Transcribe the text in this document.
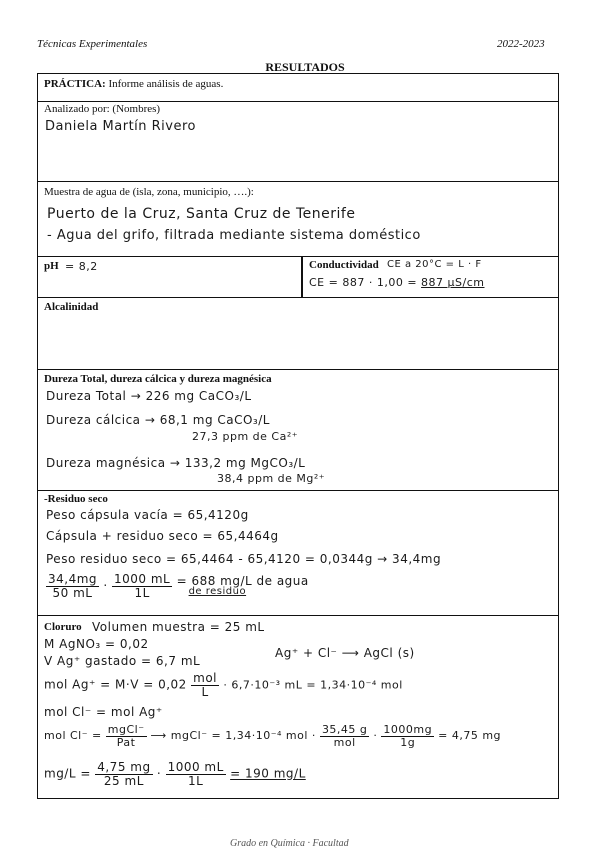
Técnicas Experimentales	2022-2023
RESULTADOS
PRÁCTICA: Informe análisis de aguas.
Analizado por: (Nombres)
Daniela Martín Rivero
Muestra de agua de (isla, zona, municipio, ….):
Puerto de la Cruz, Santa Cruz de Tenerife
- Agua del grifo, filtrada mediante sistema doméstico
pH = 8,2	Conductividad CE a 20°C = L · F
CE = 887 · 1,00 = 887 μS/cm
Alcalinidad
Dureza Total, dureza cálcica y dureza magnésica
Dureza Total → 226 mg CaCO₃/L
Dureza cálcica → 68,1 mg CaCO₃/L
27,3 ppm de Ca²⁺
Dureza magnésica → 133,2 mg MgCO₃/L
38,4 ppm de Mg²⁺
-Residuo seco
Peso cápsula vacía = 65,4120g
Cápsula + residuo seco = 65,4464g
Peso residuo seco = 65,4464 - 65,4120 = 0,0344g → 34,4mg
$\frac{34,4mg}{50 mL} \cdot \frac{1000 mL}{1L}$
= 688 mg/L de agua
de residuo
Cloruro Volumen muestra = 25 mL
M AgNO₃ = 0,02
V Ag⁺ gastado = 6,7 mL
Ag⁺ + Cl⁻ ⟶ AgCl (s)
mol $Ag^+ = M\cdot V = 0,02 \frac{\text{mol}}{L} \cdot 6,7\cdot 10^{-3}$ mL = 1,34·10⁻⁴ mol
mol Cl⁻ = mol Ag⁺
mol $Cl^- = \frac{\text{mgCl⁻}}{\text{Pat}}$ ⟶ mgCl⁻ = 1,34·10⁻⁴ mol · $\frac{35,45 g}{\text{mol}} \cdot \frac{1000mg}{1g} = 4,75$ mg
$mg/L = \frac{4,75 mg}{25 mL} \cdot \frac{1000 mL}{1L} = 190$ mg/L
Grado en Química · Facultad
